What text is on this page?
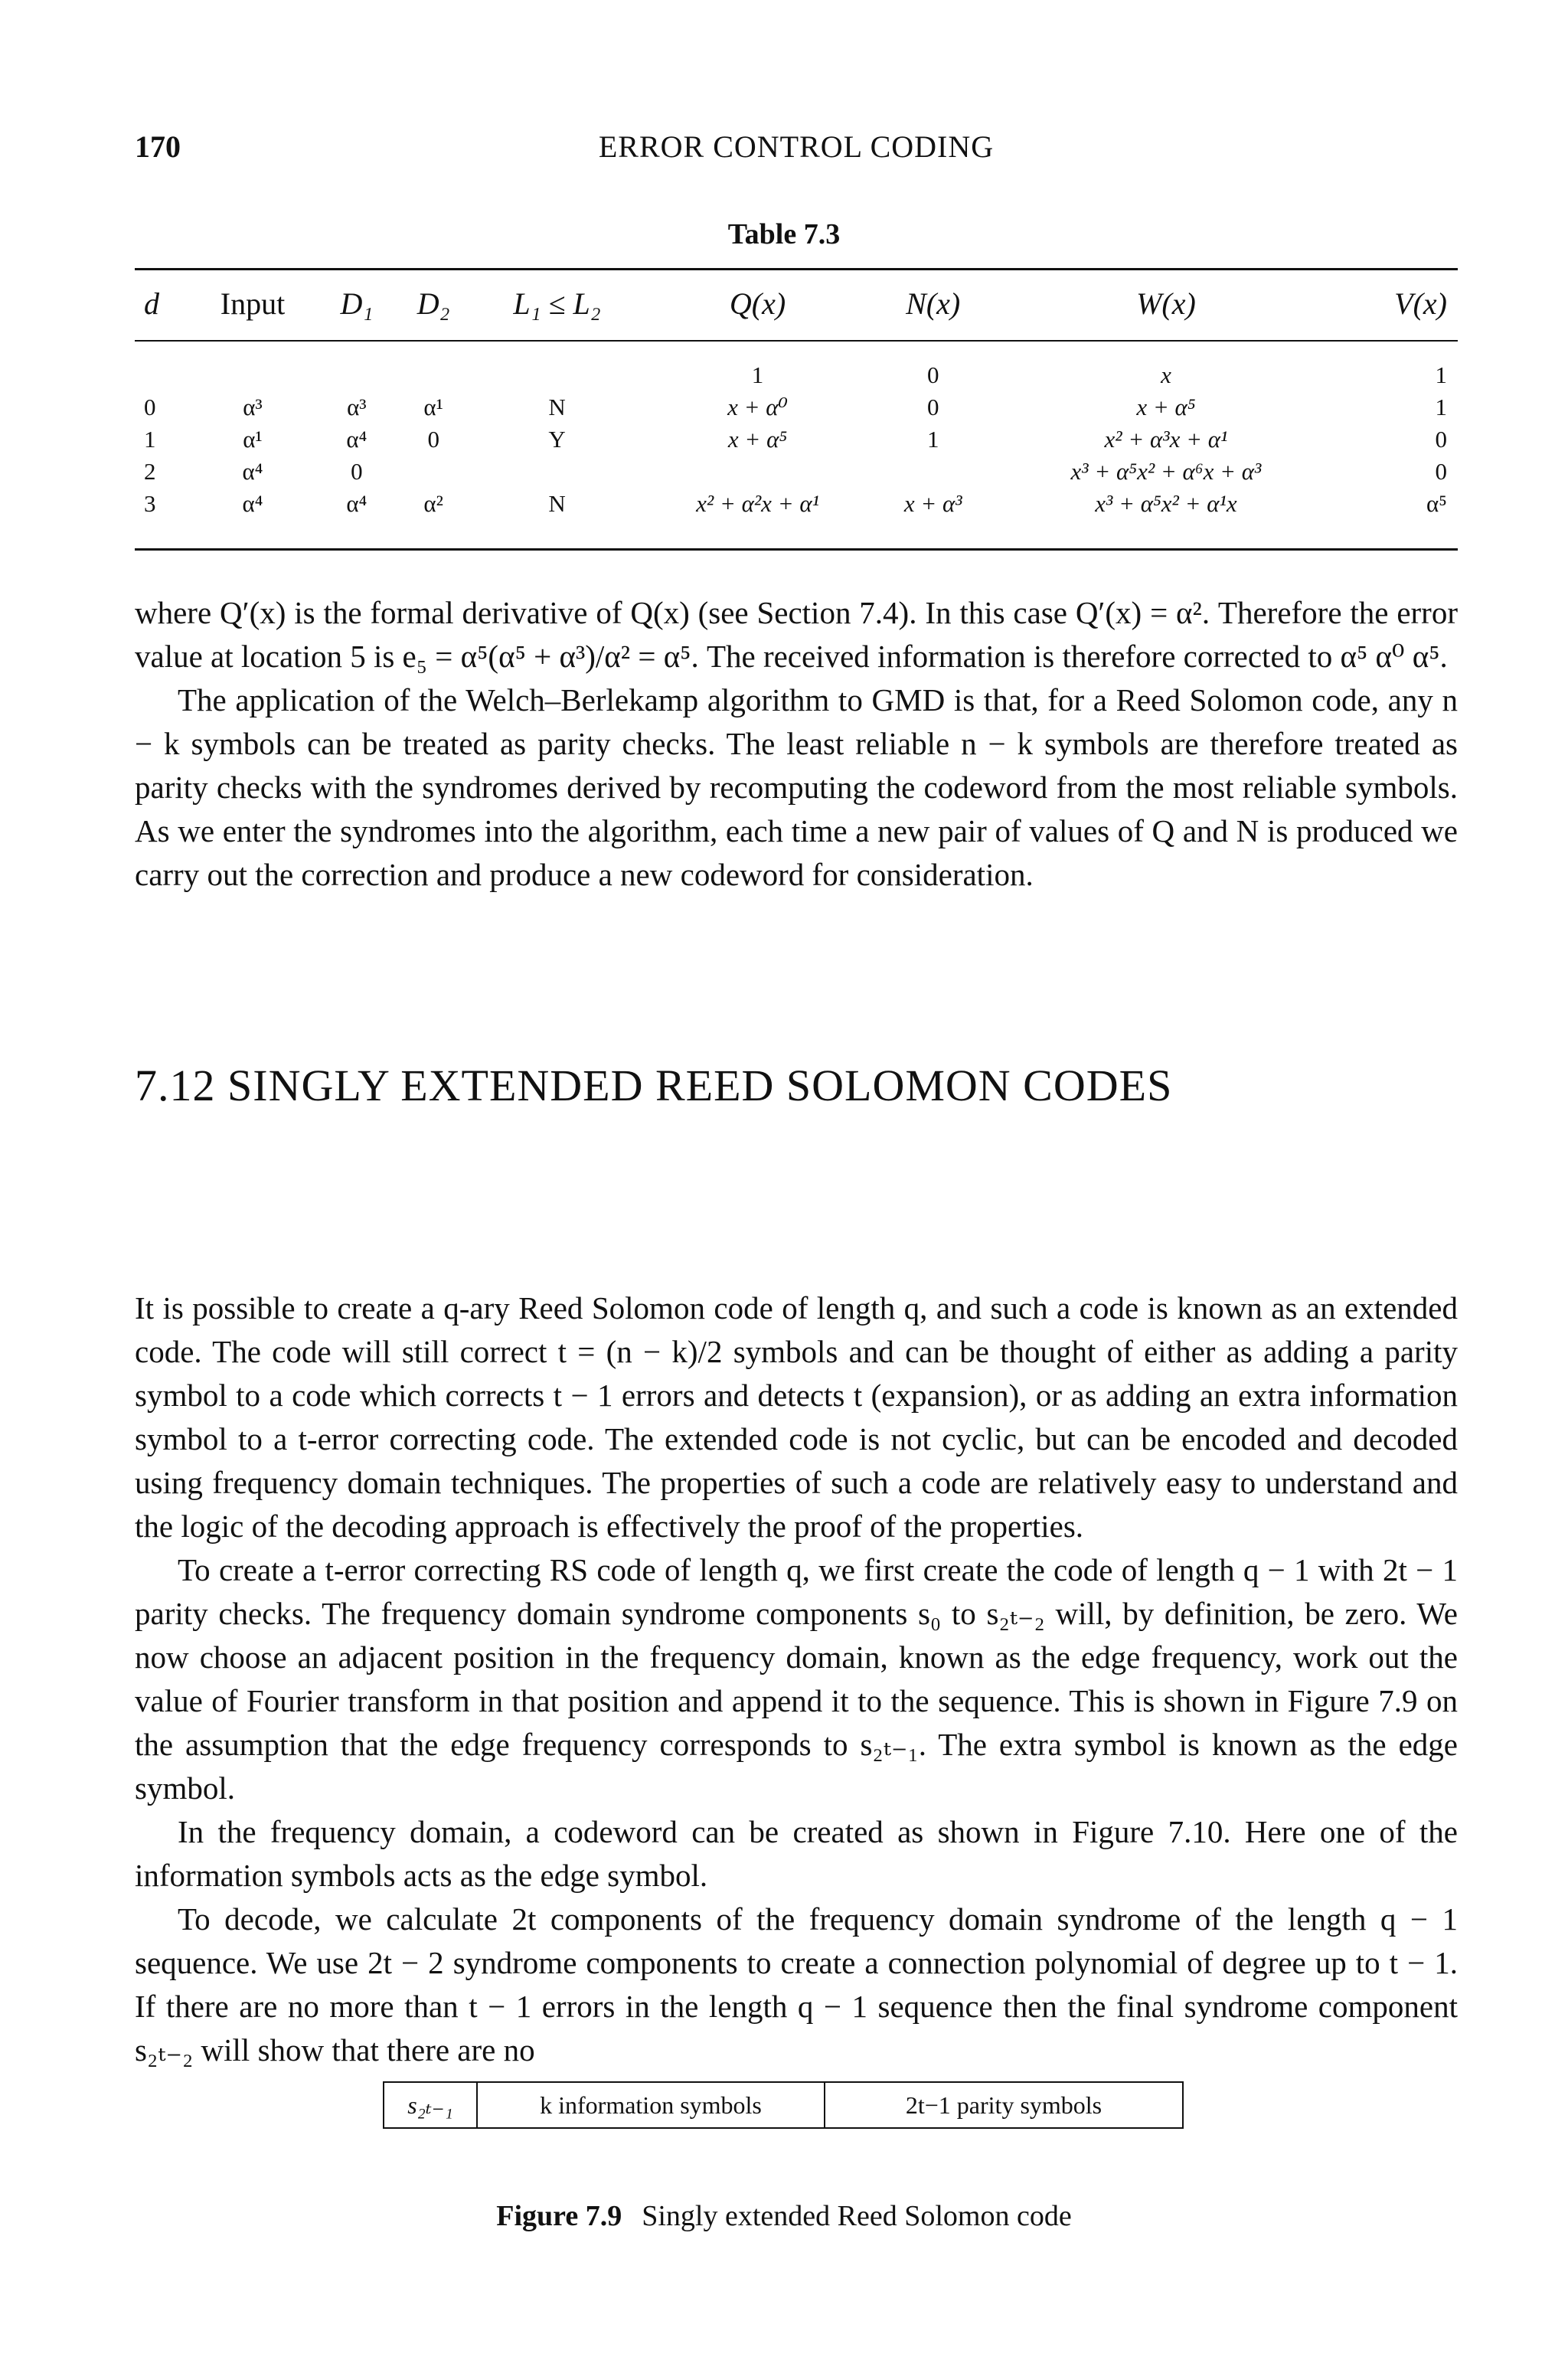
170	ERROR CONTROL CODING
Table 7.3
d	Input	D₁	D₂	L₁ ≤ L₂	Q(x)	N(x)	W(x)	V(x)
					1	0	x	1
0	α³	α³	α¹	N	x + α⁰	0	x + α⁵	1
1	α¹	α⁴	0	Y	x + α⁵	1	x² + α³x + α¹	0
2	α⁴	0					x³ + α⁵x² + α⁶x + α³	0
3	α⁴	α⁴	α²	N	x² + α²x + α¹	x + α³	x³ + α⁵x² + α¹x	α⁵

where Q′(x) is the formal derivative of Q(x) (see Section 7.4). In this case Q′(x) = α². Therefore the error value at location 5 is e₅ = α⁵(α⁵ + α³)/α² = α⁵. The received information is therefore corrected to α⁵ α⁰ α⁵.

The application of the Welch–Berlekamp algorithm to GMD is that, for a Reed Solomon code, any n − k symbols can be treated as parity checks. The least reliable n − k symbols are therefore treated as parity checks with the syndromes derived by recomputing the codeword from the most reliable symbols. As we enter the syndromes into the algorithm, each time a new pair of values of Q and N is produced we carry out the correction and produce a new codeword for consideration.

7.12 SINGLY EXTENDED REED SOLOMON CODES

It is possible to create a q-ary Reed Solomon code of length q, and such a code is known as an extended code. The code will still correct t = (n − k)/2 symbols and can be thought of either as adding a parity symbol to a code which corrects t − 1 errors and detects t (expansion), or as adding an extra information symbol to a t-error correcting code. The extended code is not cyclic, but can be encoded and decoded using frequency domain techniques. The properties of such a code are relatively easy to understand and the logic of the decoding approach is effectively the proof of the properties.

To create a t-error correcting RS code of length q, we first create the code of length q − 1 with 2t − 1 parity checks. The frequency domain syndrome components s₀ to s₂ₜ₋₂ will, by definition, be zero. We now choose an adjacent position in the frequency domain, known as the edge frequency, work out the value of Fourier transform in that position and append it to the sequence. This is shown in Figure 7.9 on the assumption that the edge frequency corresponds to s₂ₜ₋₁. The extra symbol is known as the edge symbol.

In the frequency domain, a codeword can be created as shown in Figure 7.10. Here one of the information symbols acts as the edge symbol.

To decode, we calculate 2t components of the frequency domain syndrome of the length q − 1 sequence. We use 2t − 2 syndrome components to create a connection polynomial of degree up to t − 1. If there are no more than t − 1 errors in the length q − 1 sequence then the final syndrome component s₂ₜ₋₂ will show that there are no

s₂ₜ₋₁	k information symbols	2t−1 parity symbols
Figure 7.9 Singly extended Reed Solomon code
